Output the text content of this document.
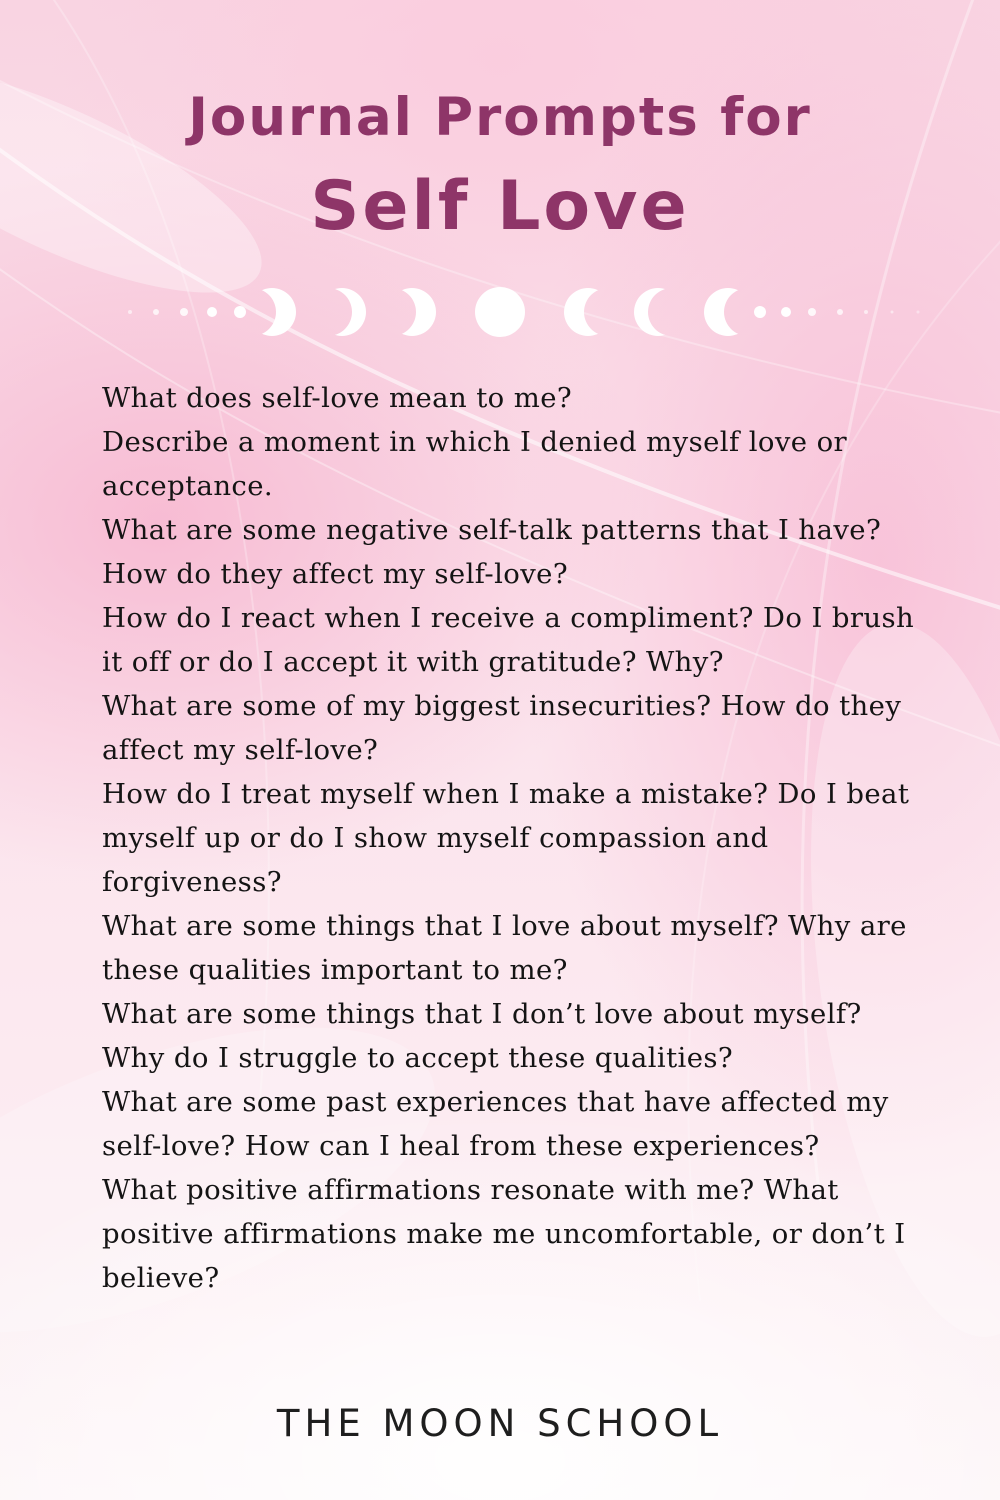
Journal Prompts for
Self Love
What does self-love mean to me?
Describe a moment in which I denied myself love or acceptance.
What are some negative self-talk patterns that I have? How do they affect my self-love?
How do I react when I receive a compliment? Do I brush it off or do I accept it with gratitude? Why?
What are some of my biggest insecurities? How do they affect my self-love?
How do I treat myself when I make a mistake? Do I beat myself up or do I show myself compassion and forgiveness?
What are some things that I love about myself? Why are these qualities important to me?
What are some things that I don’t love about myself? Why do I struggle to accept these qualities?
What are some past experiences that have affected my self-love? How can I heal from these experiences?
What positive affirmations resonate with me? What positive affirmations make me uncomfortable, or don’t I believe?
THE MOON SCHOOL
